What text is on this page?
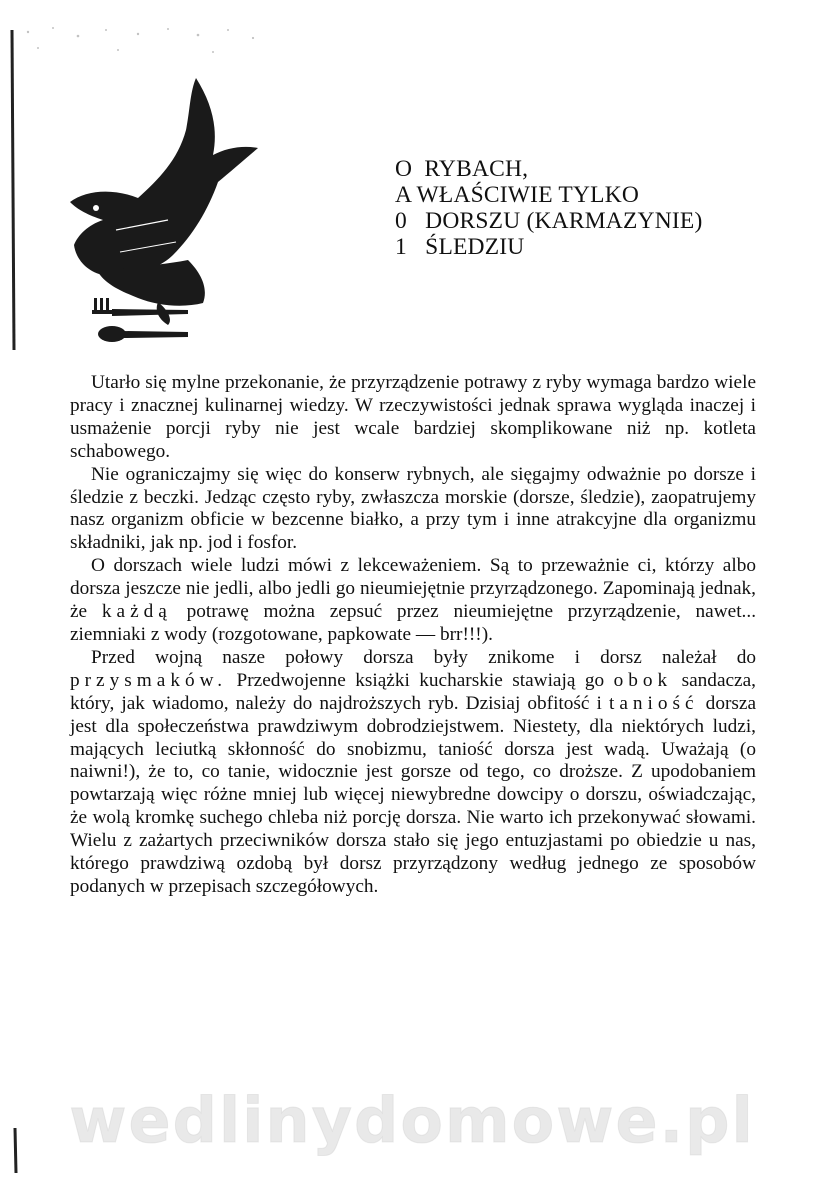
O  RYBACH,
A WŁAŚCIWIE TYLKO
0   DORSZU (KARMAZYNIE)
1   ŚLEDZIU

Utarło się mylne przekonanie, że przyrządzenie potrawy z ryby wymaga bardzo wiele pracy i znacznej kulinarnej wiedzy. W rzeczywistości jednak sprawa wygląda inaczej i usmażenie porcji ryby nie jest wcale bardziej skomplikowane niż np. kotleta schabowego.

Nie ograniczajmy się więc do konserw rybnych, ale sięgajmy odważnie po dorsze i śledzie z beczki. Jedząc często ryby, zwłaszcza morskie (dorsze, śledzie), zaopatrujemy nasz organizm obficie w bezcenne białko, a przy tym i inne atrakcyjne dla organizmu składniki, jak np. jod i fosfor.

O dorszach wiele ludzi mówi z lekceważeniem. Są to przeważnie ci, którzy albo dorsza jeszcze nie jedli, albo jedli go nieumiejętnie przyrządzonego. Zapominają jednak, że każdą potrawę można zepsuć przez nieumiejętne przyrządzenie, nawet... ziemniaki z wody (rozgotowane, papkowate — brr!!!).

Przed wojną nasze połowy dorsza były znikome i dorsz należał do przysmaków. Przedwojenne książki kucharskie stawiają go obok sandacza, który, jak wiadomo, należy do najdroższych ryb. Dzisiaj obfitość i taniość dorsza jest dla społeczeństwa prawdziwym dobrodziejstwem. Niestety, dla niektórych ludzi, mających leciutką skłonność do snobizmu, taniość dorsza jest wadą. Uważają (o naiwni!), że to, co tanie, widocznie jest gorsze od tego, co droższe. Z upodobaniem powtarzają więc różne mniej lub więcej niewybredne dowcipy o dorszu, oświadczając, że wolą kromkę suchego chleba niż porcję dorsza. Nie warto ich przekonywać słowami. Wielu z zażartych przeciwników dorsza stało się jego entuzjastami po obiedzie u nas, którego prawdziwą ozdobą był dorsz przyrządzony według jednego ze sposobów podanych w przepisach szczegółowych.

wedlinydomowe.pl
